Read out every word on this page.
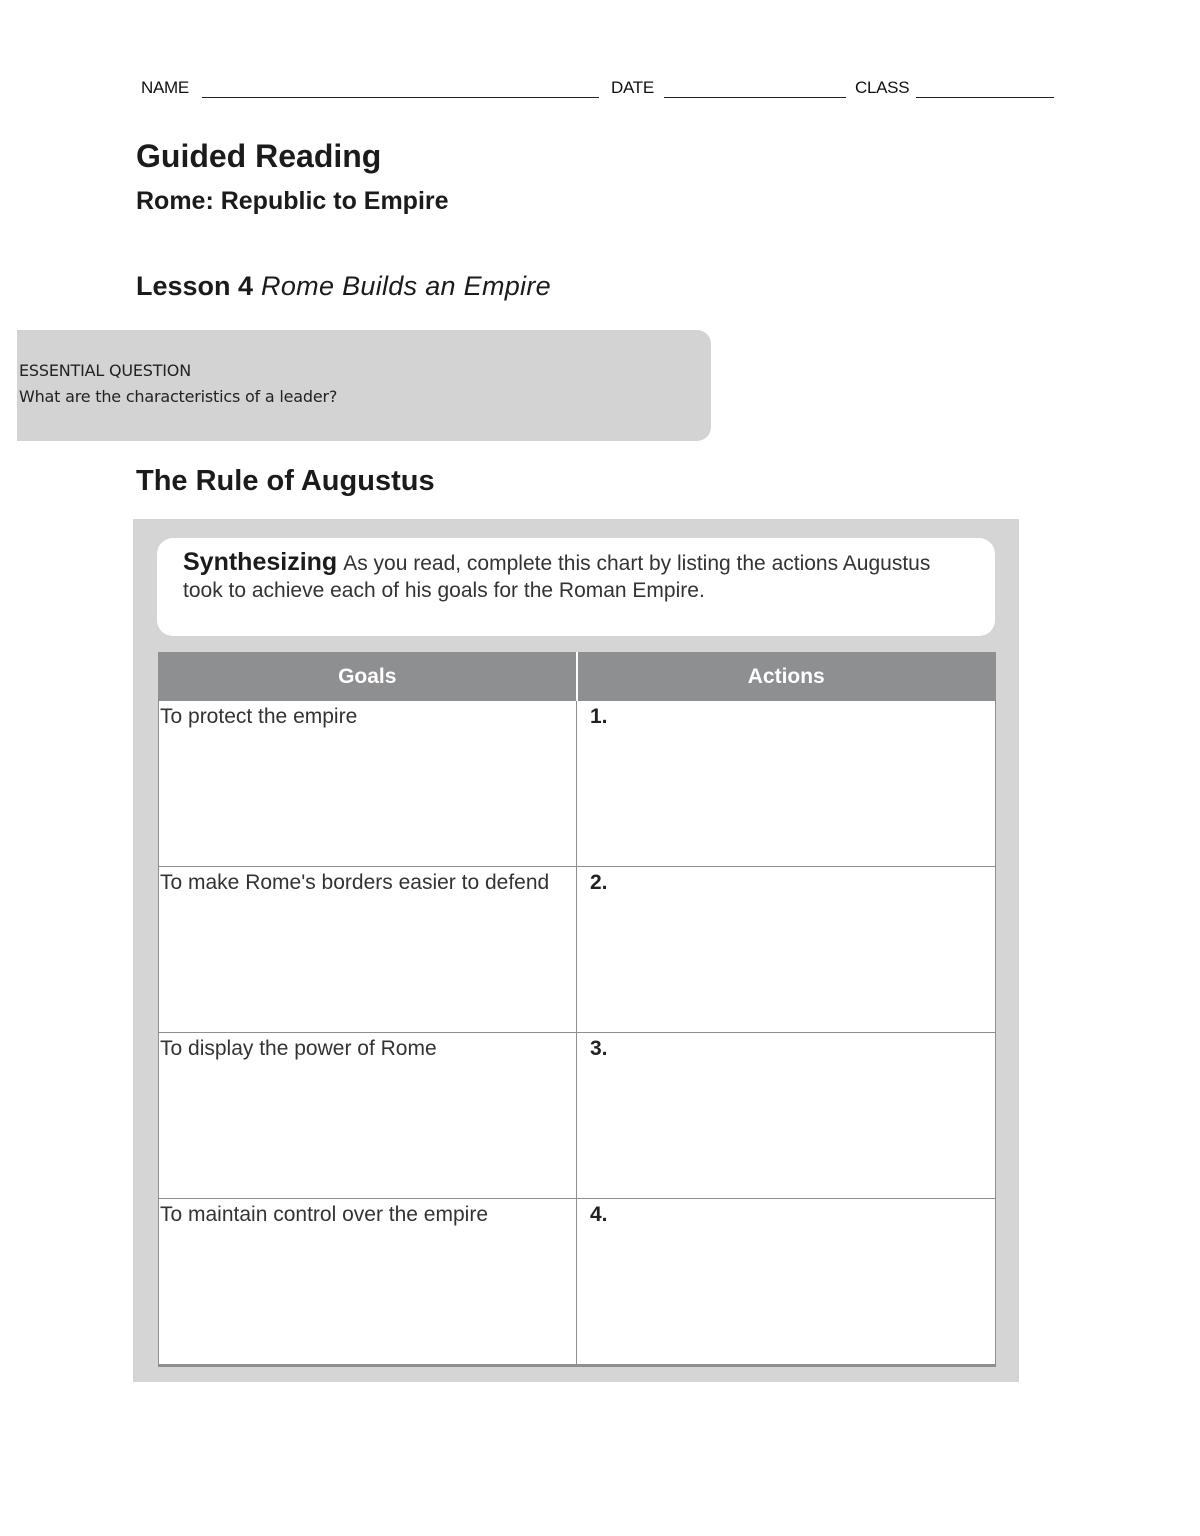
NAME	DATE	CLASS
Guided Reading
Rome: Republic to Empire
Lesson 4 Rome Builds an Empire
ESSENTIAL QUESTION
What are the characteristics of a leader?
The Rule of Augustus
Synthesizing As you read, complete this chart by listing the actions Augustus took to achieve each of his goals for the Roman Empire.
Goals	Actions
To protect the empire	1.
To make Rome's borders easier to defend	2.
To display the power of Rome	3.
To maintain control over the empire	4.
